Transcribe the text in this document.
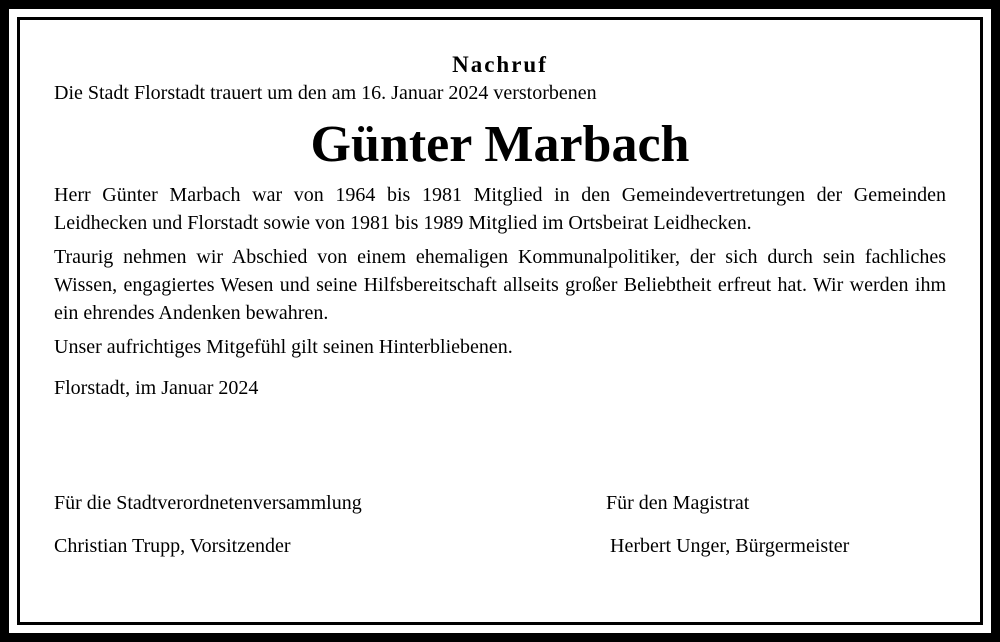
Nachruf

Die Stadt Florstadt trauert um den am 16. Januar 2024 verstorbenen

Günter Marbach

Herr Günter Marbach war von 1964 bis 1981 Mitglied in den Gemeindevertretungen der Gemeinden Leidhecken und Florstadt sowie von 1981 bis 1989 Mitglied im Ortsbeirat Leidhecken.

Traurig nehmen wir Abschied von einem ehemaligen Kommunalpolitiker, der sich durch sein fachliches Wissen, engagiertes Wesen und seine Hilfsbereitschaft allseits großer Beliebtheit erfreut hat. Wir werden ihm ein ehrendes Andenken bewahren.

Unser aufrichtiges Mitgefühl gilt seinen Hinterbliebenen.

Florstadt, im Januar 2024

Für die Stadtverordnetenversammlung	Für den Magistrat
Christian Trupp, Vorsitzender	Herbert Unger, Bürgermeister
